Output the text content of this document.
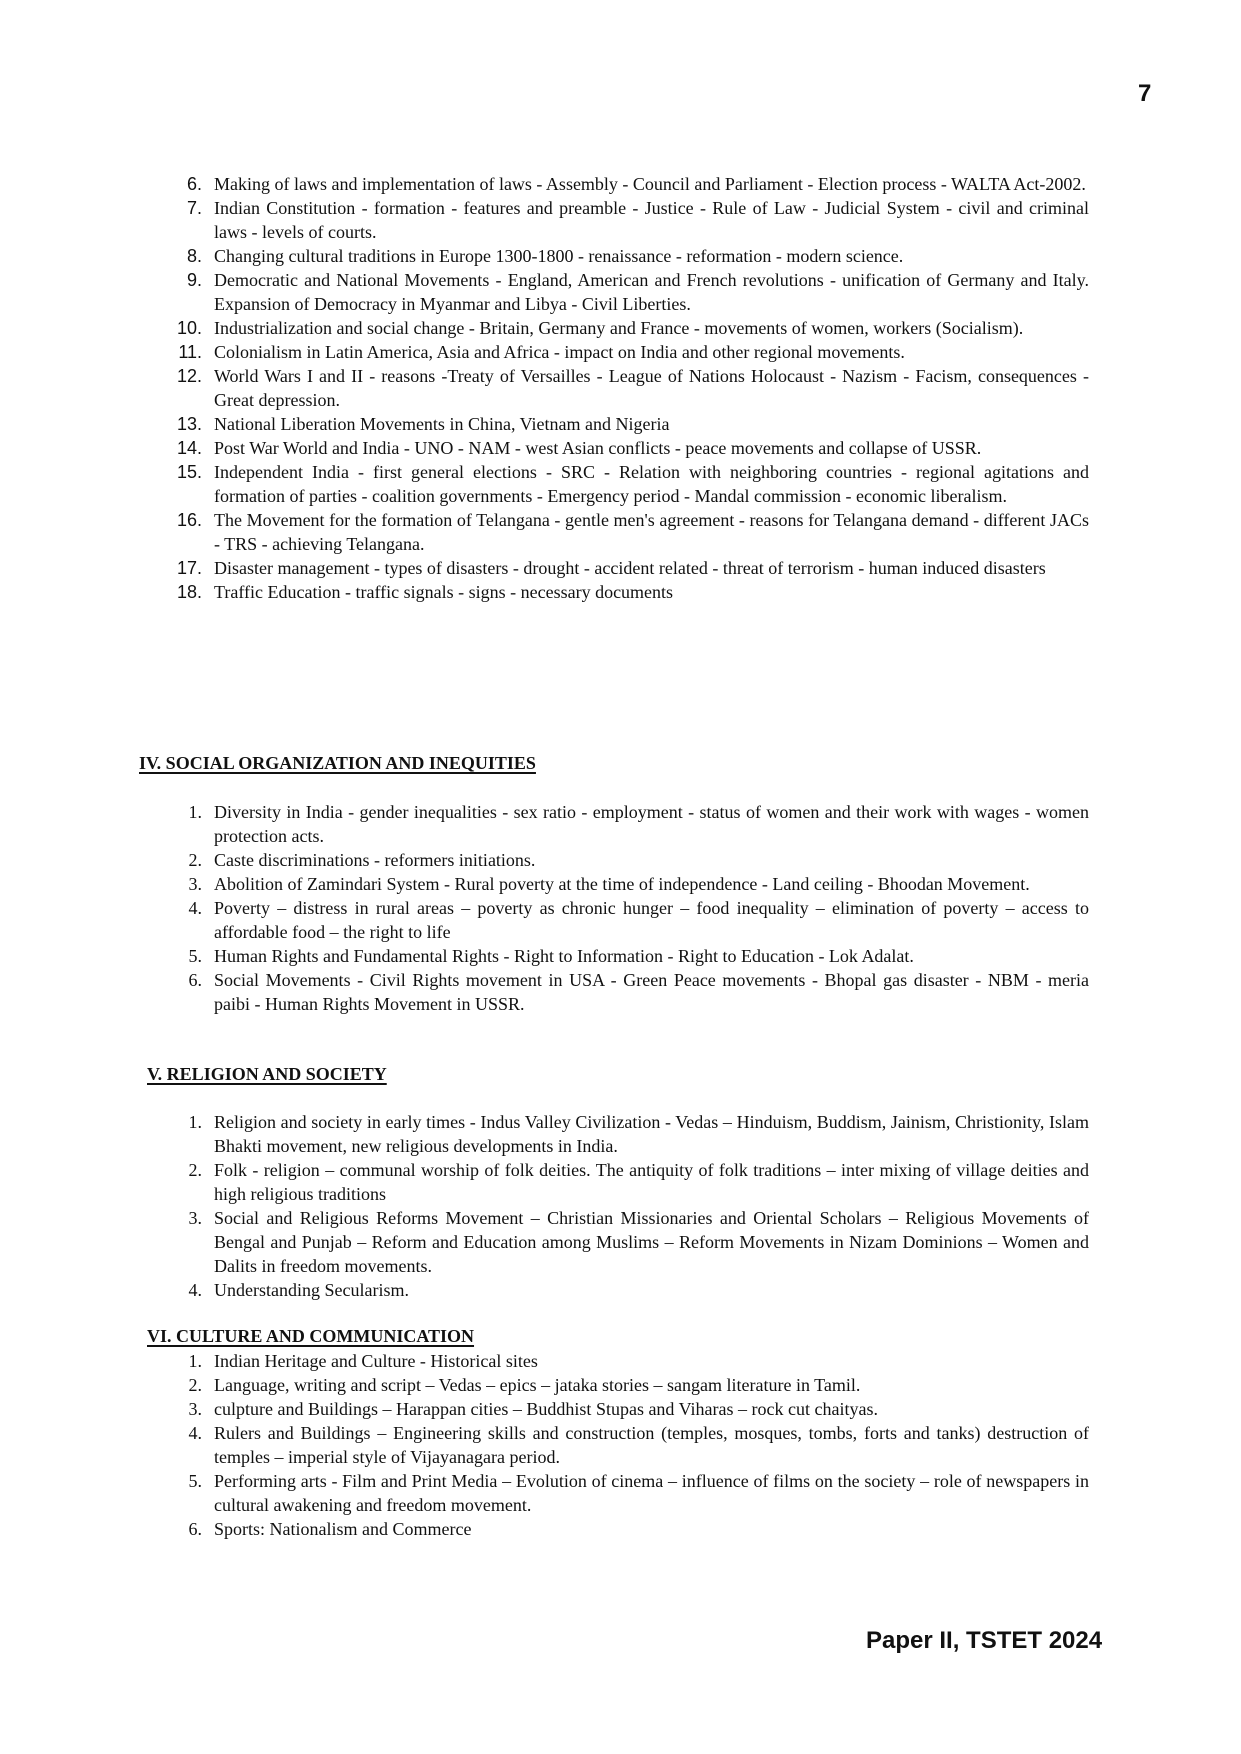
7
6. Making of laws and implementation of laws - Assembly - Council and Parliament - Election process - WALTA Act-2002.
7. Indian Constitution - formation - features and preamble - Justice - Rule of Law - Judicial System - civil and criminal laws - levels of courts.
8. Changing cultural traditions in Europe 1300-1800 - renaissance - reformation - modern science.
9. Democratic and National Movements - England, American and French revolutions - unification of Germany and Italy. Expansion of Democracy in Myanmar and Libya - Civil Liberties.
10. Industrialization and social change - Britain, Germany and France - movements of women, workers (Socialism).
11. Colonialism in Latin America, Asia and Africa - impact on India and other regional movements.
12. World Wars I and II - reasons -Treaty of Versailles - League of Nations Holocaust - Nazism - Facism, consequences - Great depression.
13. National Liberation Movements in China, Vietnam and Nigeria
14. Post War World and India - UNO - NAM - west Asian conflicts - peace movements and collapse of USSR.
15. Independent India - first general elections - SRC - Relation with neighboring countries - regional agitations and formation of parties - coalition governments - Emergency period - Mandal commission - economic liberalism.
16. The Movement for the formation of Telangana - gentle men's agreement - reasons for Telangana demand - different JACs - TRS - achieving Telangana.
17. Disaster management - types of disasters - drought - accident related - threat of terrorism - human induced disasters
18. Traffic Education - traffic signals - signs - necessary documents
IV. SOCIAL ORGANIZATION AND INEQUITIES
1. Diversity in India - gender inequalities - sex ratio - employment - status of women and their work with wages - women protection acts.
2. Caste discriminations - reformers initiations.
3. Abolition of Zamindari System - Rural poverty at the time of independence - Land ceiling - Bhoodan Movement.
4. Poverty – distress in rural areas – poverty as chronic hunger – food inequality – elimination of poverty – access to affordable food – the right to life
5. Human Rights and Fundamental Rights - Right to Information - Right to Education - Lok Adalat.
6. Social Movements - Civil Rights movement in USA - Green Peace movements - Bhopal gas disaster - NBM - meria paibi - Human Rights Movement in USSR.
V. RELIGION AND SOCIETY
1. Religion and society in early times - Indus Valley Civilization - Vedas – Hinduism, Buddism, Jainism, Christionity, Islam Bhakti movement, new religious developments in India.
2. Folk - religion – communal worship of folk deities. The antiquity of folk traditions – inter mixing of village deities and high religious traditions
3. Social and Religious Reforms Movement – Christian Missionaries and Oriental Scholars – Religious Movements of Bengal and Punjab – Reform and Education among Muslims – Reform Movements in Nizam Dominions – Women and Dalits in freedom movements.
4. Understanding Secularism.
VI. CULTURE AND COMMUNICATION
1. Indian Heritage and Culture - Historical sites
2. Language, writing and script – Vedas – epics – jataka stories – sangam literature in Tamil.
3. culpture and Buildings – Harappan cities – Buddhist Stupas and Viharas – rock cut chaityas.
4. Rulers and Buildings – Engineering skills and construction (temples, mosques, tombs, forts and tanks) destruction of temples – imperial style of Vijayanagara period.
5. Performing arts - Film and Print Media – Evolution of cinema – influence of films on the society – role of newspapers in cultural awakening and freedom movement.
6. Sports: Nationalism and Commerce
Paper II, TSTET 2024
